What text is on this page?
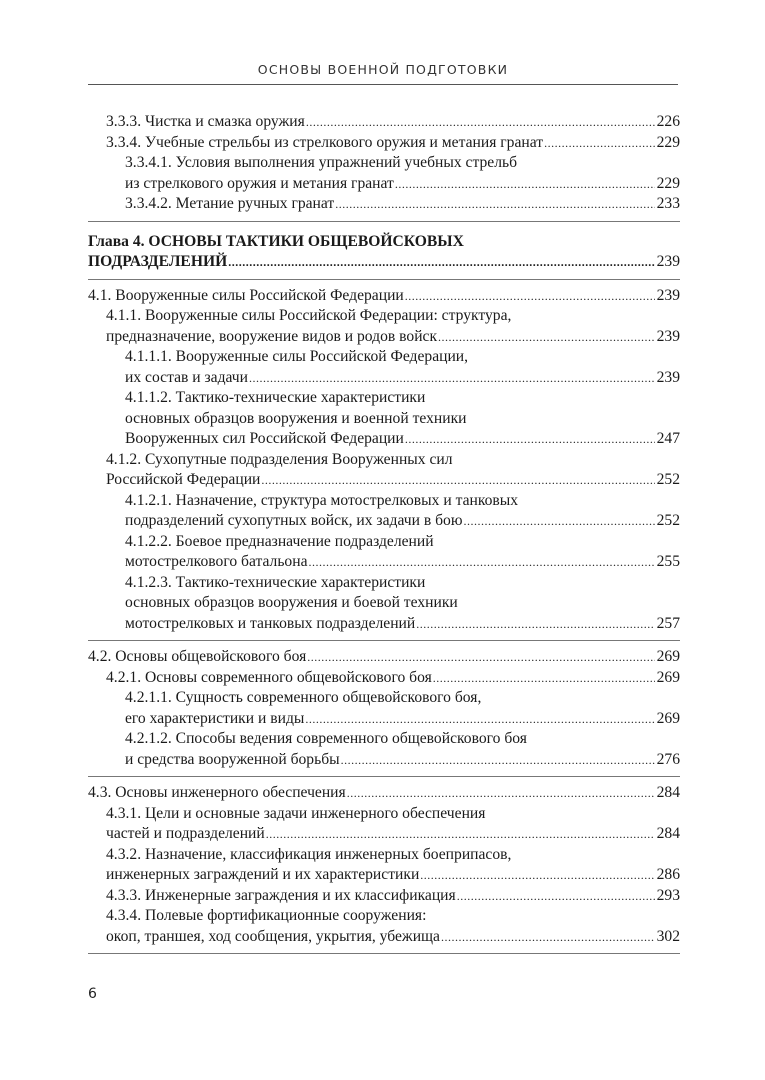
ОСНОВЫ ВОЕННОЙ ПОДГОТОВКИ
3.3.3. Чистка и смазка оружия .....	226
3.3.4. Учебные стрельбы из стрелкового оружия и метания гранат .....	229
3.3.4.1. Условия выполнения упражнений учебных стрельб
из стрелкового оружия и метания гранат .....	229
3.3.4.2. Метание ручных гранат .....	233
Глава 4. ОСНОВЫ ТАКТИКИ ОБЩЕВОЙСКОВЫХ
ПОДРАЗДЕЛЕНИЙ .....	239
4.1. Вооруженные силы Российской Федерации .....	239
4.1.1. Вооруженные силы Российской Федерации: структура,
предназначение, вооружение видов и родов войск .....	239
4.1.1.1. Вооруженные силы Российской Федерации,
их состав и задачи .....	239
4.1.1.2. Тактико-технические характеристики
основных образцов вооружения и военной техники
Вооруженных сил Российской Федерации .....	247
4.1.2. Сухопутные подразделения Вооруженных сил
Российской Федерации .....	252
4.1.2.1. Назначение, структура мотострелковых и танковых
подразделений сухопутных войск, их задачи в бою .....	252
4.1.2.2. Боевое предназначение подразделений
мотострелкового батальона .....	255
4.1.2.3. Тактико-технические характеристики
основных образцов вооружения и боевой техники
мотострелковых и танковых подразделений .....	257
4.2. Основы общевойскового боя .....	269
4.2.1. Основы современного общевойскового боя .....	269
4.2.1.1. Сущность современного общевойскового боя,
его характеристики и виды .....	269
4.2.1.2. Способы ведения современного общевойскового боя
и средства вооруженной борьбы .....	276
4.3. Основы инженерного обеспечения .....	284
4.3.1. Цели и основные задачи инженерного обеспечения
частей и подразделений .....	284
4.3.2. Назначение, классификация инженерных боеприпасов,
инженерных заграждений и их характеристики .....	286
4.3.3. Инженерные заграждения и их классификация .....	293
4.3.4. Полевые фортификационные сооружения:
окоп, траншея, ход сообщения, укрытия, убежища .....	302
6
